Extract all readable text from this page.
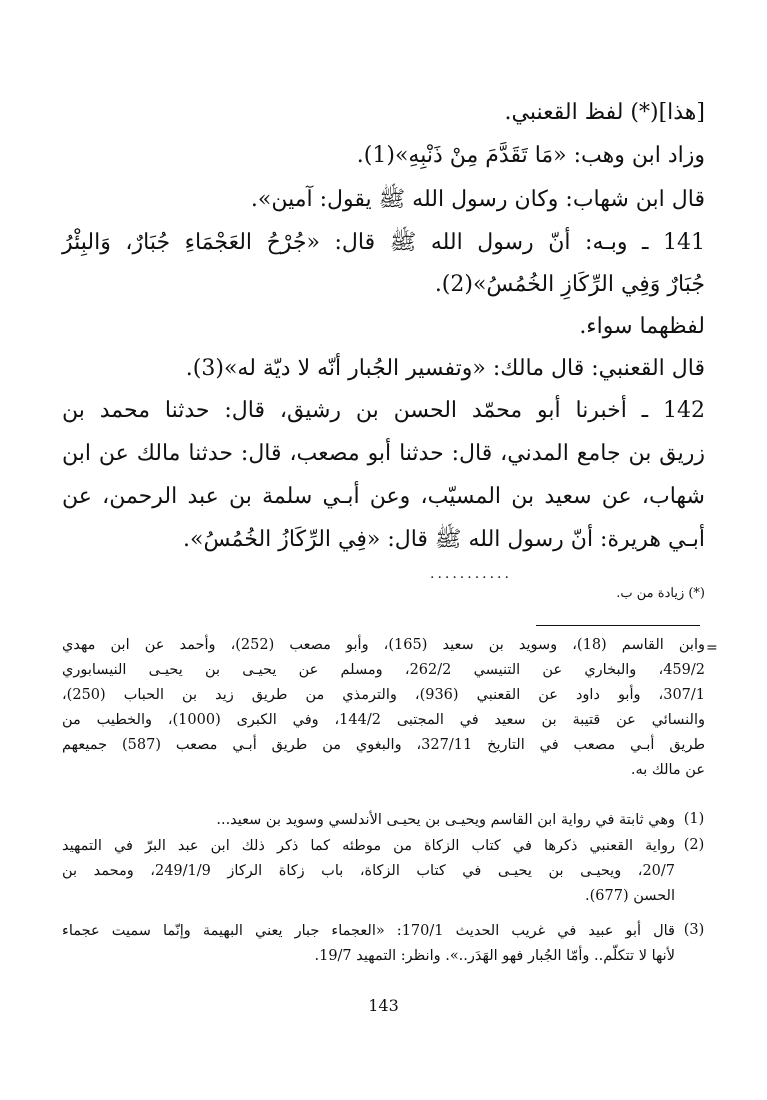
[هذا](*) لفظ القعنبي.
وزاد ابن وهب: «مَا تَقَدَّمَ مِنْ ذَنْبِهِ»(1).
قال ابن شهاب: وكان رسول الله ﷺ يقول: آمين».
141 ـ وبـه: أنّ رسول الله ﷺ قال: «جُرْحُ العَجْمَاءِ جُبَارٌ، وَالبِئْرُ
جُبَارٌ وَفِي الرِّكَازِ الخُمُسُ»(2).
لفظهما سواء.
قال القعنبي: قال مالك: «وتفسير الجُبار أنّه لا ديّة له»(3).
142 ـ أخبرنا أبو محمّد الحسن بن رشيق، قال: حدثنا محمد بن
زريق بن جامع المدني، قال: حدثنا أبو مصعب، قال: حدثنا مالك عن ابن
شهاب، عن سعيد بن المسيّب، وعن أبـي سلمة بن عبد الرحمن، عن
أبـي هريرة: أنّ رسول الله ﷺ قال: «فِي الرِّكَازُ الخُمُسُ».
...........
(*) زيادة من ب.
=
وابن القاسم (18)، وسويد بن سعيد (165)، وأبو مصعب (252)، وأحمد عن ابن مهدي
459/2، والبخاري عن التنيسي 262/2، ومسلم عن يحيـى بن يحيـى النيسابوري
307/1، وأبو داود عن القعنبي (936)، والترمذي من طريق زيد بن الحباب (250)،
والنسائي عن قتيبة بن سعيد في المجتبى 144/2، وفي الكبرى (1000)، والخطيب من
طريق أبـي مصعب في التاريخ 327/11، والبغوي من طريق أبـي مصعب (587) جميعهم
عن مالك به.
(1)
وهي ثابتة في رواية ابن القاسم ويحيـى بن يحيـى الأندلسي وسويد بن سعيد...
(2)
رواية القعنبي ذكرها في كتاب الزكاة من موطئه كما ذكر ذلك ابن عبد البرّ في التمهيد
20/7، ويحيـى بن يحيـى في كتاب الزكاة، باب زكاة الركاز 249/1/9، ومحمد بن
الحسن (677).
(3)
قال أبو عبيد في غريب الحديث 170/1: «العجماء جبار يعني البهيمة وإنّما سميت عجماء
لأنها لا تتكلّم.. وأمّا الجُبار فهو الهَدَر..». وانظر: التمهيد 19/7.
143
